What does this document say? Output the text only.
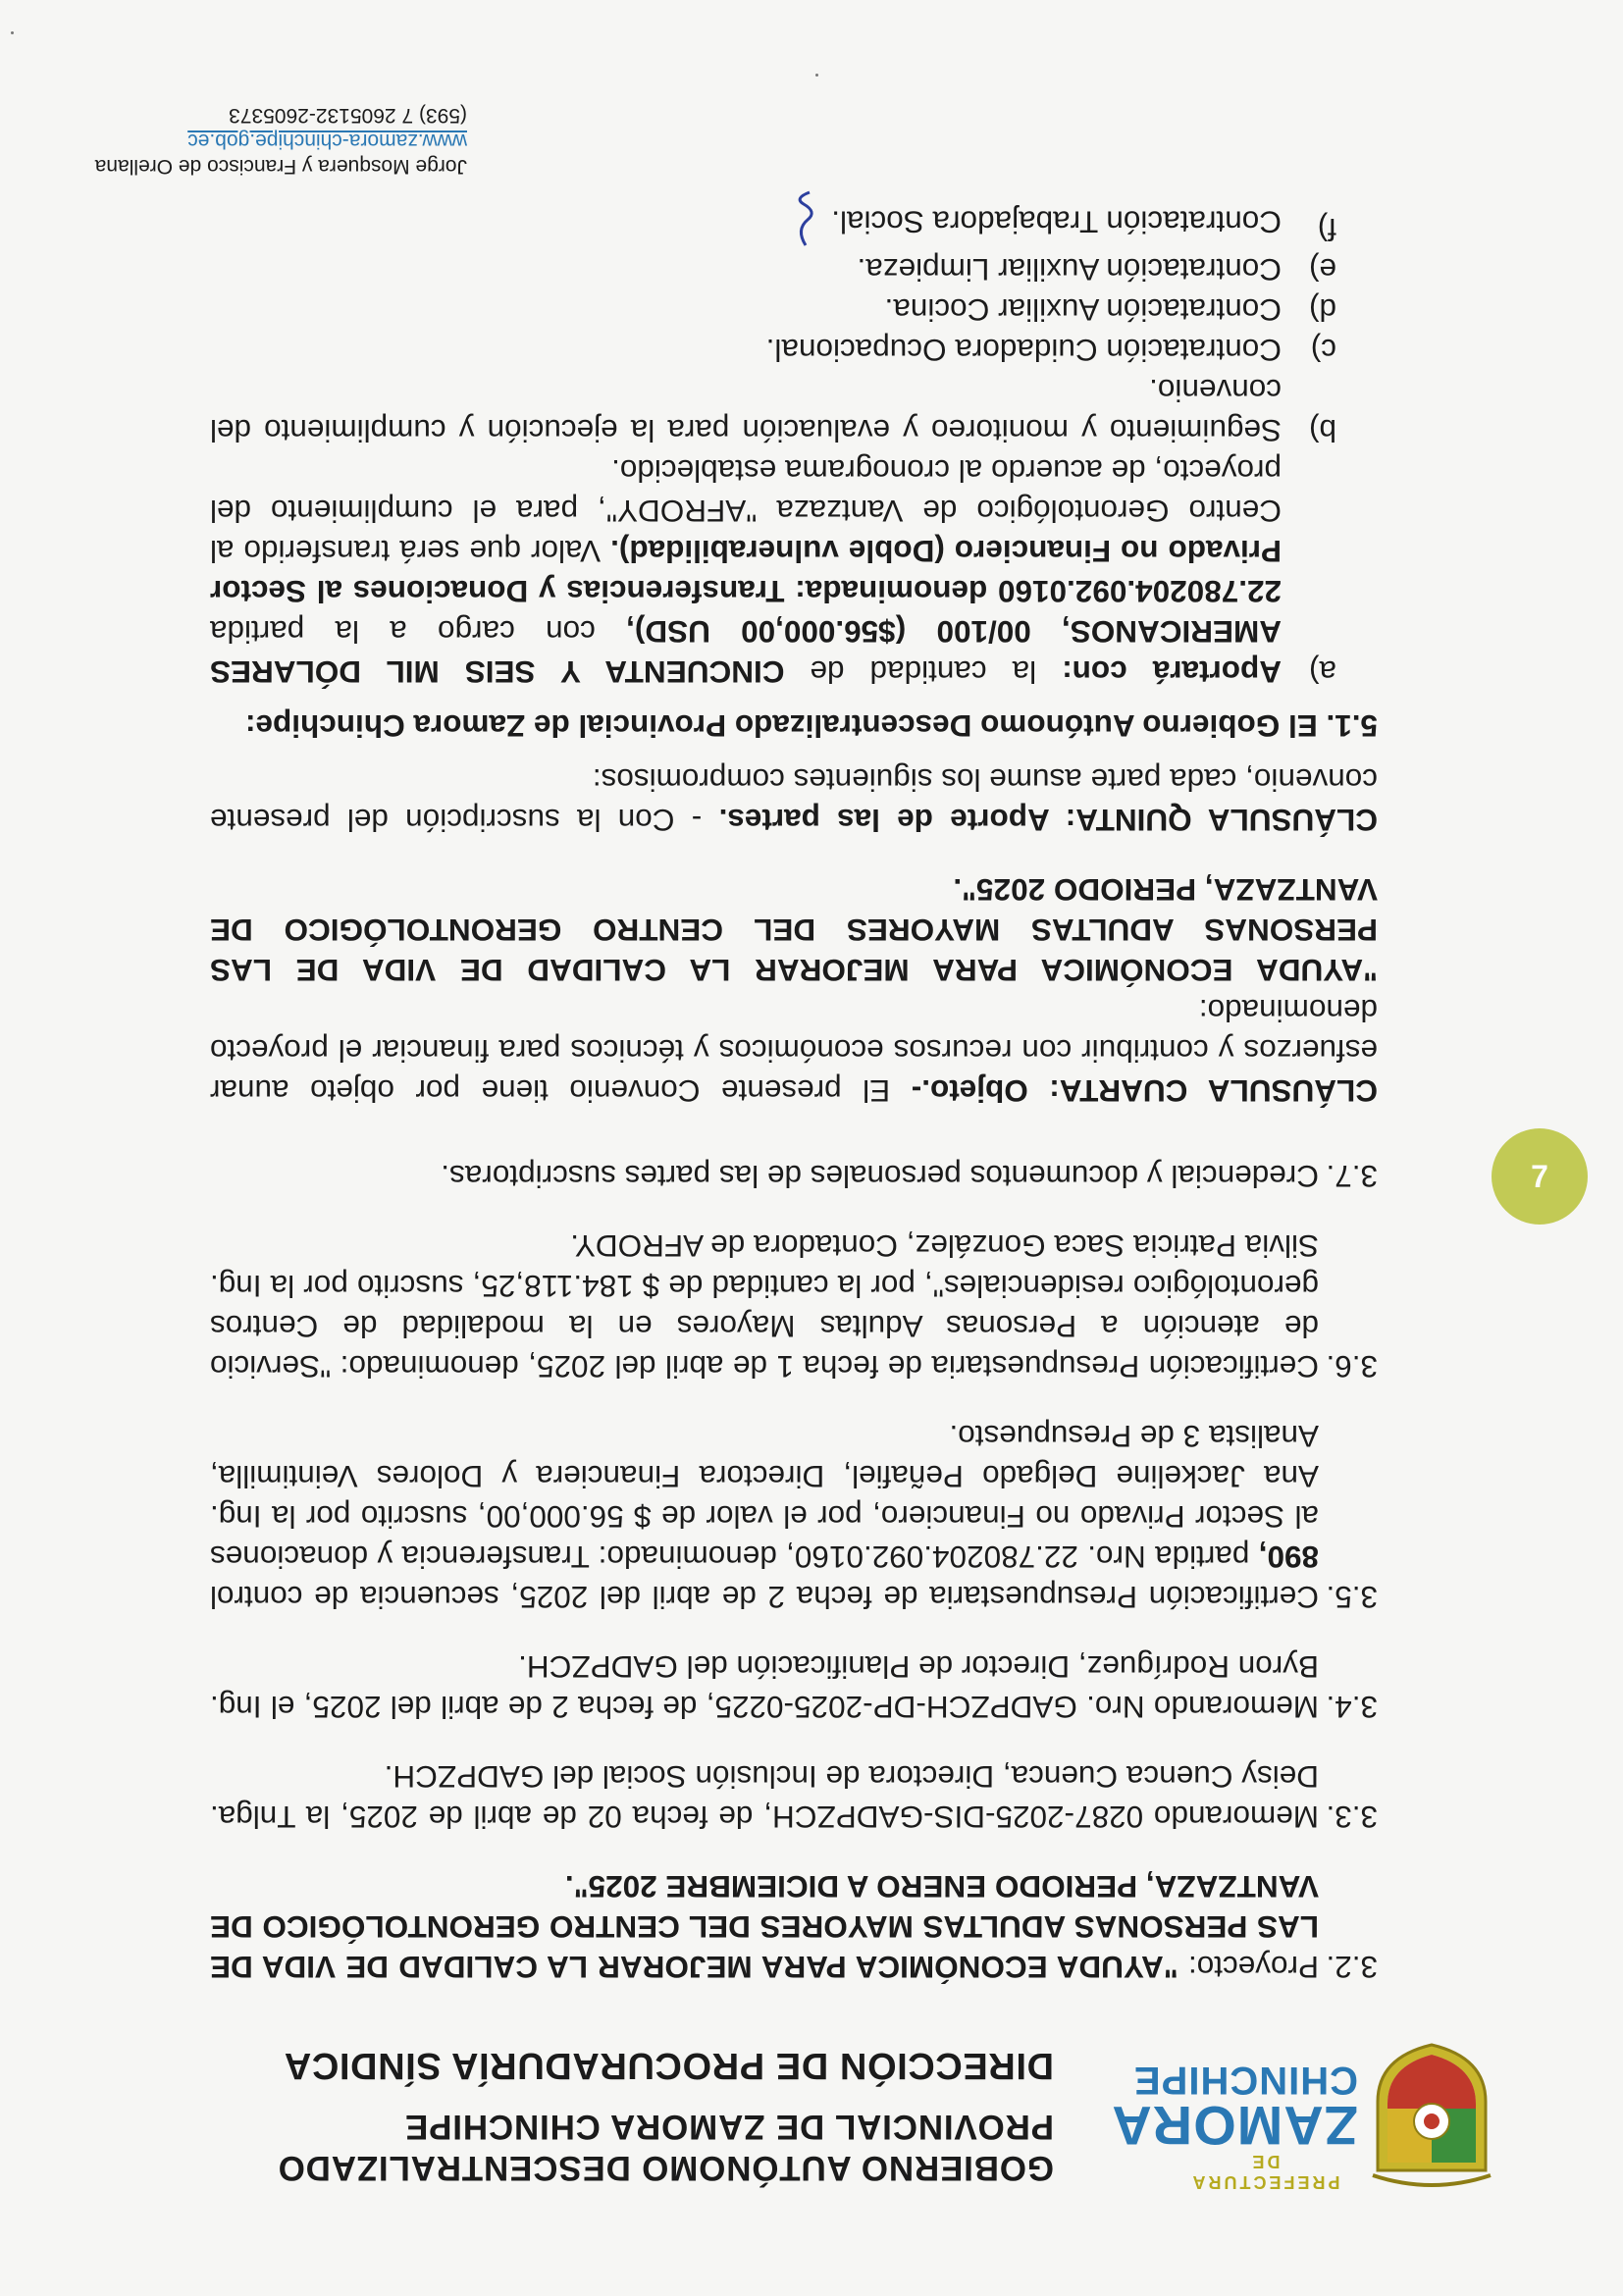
PREFECTURA DE
ZAMORA
CHINCHIPE
GOBIERNO AUTÓNOMO DESCENTRALIZADO
PROVINCIAL DE ZAMORA CHINCHIPE
DIRECCIÓN DE PROCURADURÍA SÍNDICA
3.2.
Proyecto: "AYUDA ECONÓMICA PARA MEJORAR LA CALIDAD DE VIDA DE LAS PERSONAS ADULTAS MAYORES DEL CENTRO GERONTOLÓGICO DE VANTZAZA, PERIODO ENERO A DICIEMBRE 2025".
3.3.
Memorando 0287-2025-DIS-GADPZCH, de fecha 02 de abril de 2025, la Tnlga. Deisy Cuenca Cuenca, Directora de Inclusión Social del GADPZCH.
3.4.
Memorando Nro. GADPZCH-DP-2025-0225, de fecha 2 de abril del 2025, el Ing. Byron Rodríguez, Director de Planificación del GADPZCH.
3.5.
Certificación Presupuestaria de fecha 2 de abril del 2025, secuencia de control 890, partida Nro. 22.780204.092.0160, denominado: Transferencia y donaciones al Sector Privado no Financiero, por el valor de $ 56.000,00, suscrito por la Ing. Ana Jackeline Delgado Peñafiel, Directora Financiera y Dolores Veintimilla, Analista 3 de Presupuesto.
3.6.
Certificación Presupuestaria de fecha 1 de abril del 2025, denominado: "Servicio de atención a Personas Adultas Mayores en la modalidad de Centros gerontológico residenciales", por la cantidad de $ 184.118,25, suscrito por la Ing. Silvia Patricia Saca González, Contadora de AFRODY.
3.7.
Credencial y documentos personales de las partes suscriptoras.

CLÁUSULA CUARTA: Objeto.- El presente Convenio tiene por objeto aunar esfuerzos y contribuir con recursos económicos y técnicos para financiar el proyecto denominado:

"AYUDA ECONÓMICA PARA MEJORAR LA CALIDAD DE VIDA DE LAS PERSONAS ADULTAS MAYORES DEL CENTRO GERONTOLÓGICO DE VANTZAZA, PERIODO 2025".

CLÁUSULA QUINTA: Aporte de las partes. - Con la suscripción del presente convenio, cada parte asume los siguientes compromisos:

5.1. El Gobierno Autónomo Descentralizado Provincial de Zamora Chinchipe:

a)
Aportará con: la cantidad de CINCUENTA Y SEIS MIL DÓLARES AMERICANOS, 00/100 ($56.000,00 USD), con cargo a la partida 22.780204.092.0160 denominada: Transferencias y Donaciones al Sector Privado no Financiero (Doble vulnerabilidad). Valor que será transferido al Centro Gerontológico de Vantzaza "AFRODY", para el cumplimiento del proyecto, de acuerdo al cronograma establecido.
b)
Seguimiento y monitoreo y evaluación para la ejecución y cumplimiento del convenio.
c)
Contratación Cuidadora Ocupacional.
d)
Contratación Auxiliar Cocina.
e)
Contratación Auxiliar Limpieza.
f)
Contratación Trabajadora Social.
7
Jorge Mosquera y Francisco de Orellana
www.zamora-chinchipe.gob.ec
(593) 7 2605132-2605373
